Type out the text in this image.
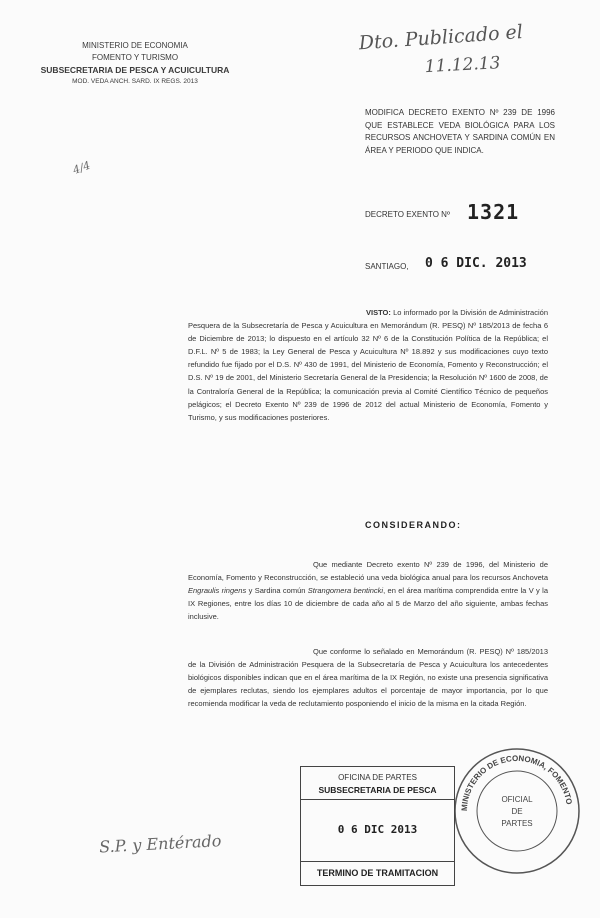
MINISTERIO DE ECONOMIA
FOMENTO Y TURISMO
SUBSECRETARIA DE PESCA Y ACUICULTURA
MOD. VEDA ANCH. SARD. IX REGS. 2013
Dto. Publicado el
11.12.13
4/4
MODIFICA DECRETO EXENTO Nº 239 DE 1996 QUE ESTABLECE VEDA BIOLÓGICA PARA LOS RECURSOS ANCHOVETA Y SARDINA COMÚN EN ÁREA Y PERIODO QUE INDICA.
DECRETO EXENTO Nº 1321
SANTIAGO, 0 6 DIC. 2013
VISTO: Lo informado por la División de Administración Pesquera de la Subsecretaría de Pesca y Acuicultura en Memorándum (R. PESQ) Nº 185/2013 de fecha 6 de Diciembre de 2013; lo dispuesto en el artículo 32 Nº 6 de la Constitución Política de la República; el D.F.L. Nº 5 de 1983; la Ley General de Pesca y Acuicultura Nº 18.892 y sus modificaciones cuyo texto refundido fue fijado por el D.S. Nº 430 de 1991, del Ministerio de Economía, Fomento y Reconstrucción; el D.S. Nº 19 de 2001, del Ministerio Secretaría General de la Presidencia; la Resolución Nº 1600 de 2008, de la Contraloría General de la República; la comunicación previa al Comité Científico Técnico de pequeños pelágicos; el Decreto Exento Nº 239 de 1996 de 2012 del actual Ministerio de Economía, Fomento y Turismo, y sus modificaciones posteriores.
CONSIDERANDO:
Que mediante Decreto exento Nº 239 de 1996, del Ministerio de Economía, Fomento y Reconstrucción, se estableció una veda biológica anual para los recursos Anchoveta Engraulis ringens y Sardina común Strangomera bentincki, en el área marítima comprendida entre la V y la IX Regiones, entre los días 10 de diciembre de cada año al 5 de Marzo del año siguiente, ambas fechas inclusive.
Que conforme lo señalado en Memorándum (R. PESQ) Nº 185/2013 de la División de Administración Pesquera de la Subsecretaría de Pesca y Acuicultura los antecedentes biológicos disponibles indican que en el área marítima de la IX Región, no existe una presencia significativa de ejemplares reclutas, siendo los ejemplares adultos el porcentaje de mayor importancia, por lo que recomienda modificar la veda de reclutamiento posponiendo el inicio de la misma en la citada Región.
MINISTERIO DE ECONOMIA, FOMENTO
OFICIAL
DE
PARTES
OFICINA DE PARTES
SUBSECRETARIA DE PESCA
0 6 DIC 2013
TERMINO DE TRAMITACION
S.P. y Entérado
